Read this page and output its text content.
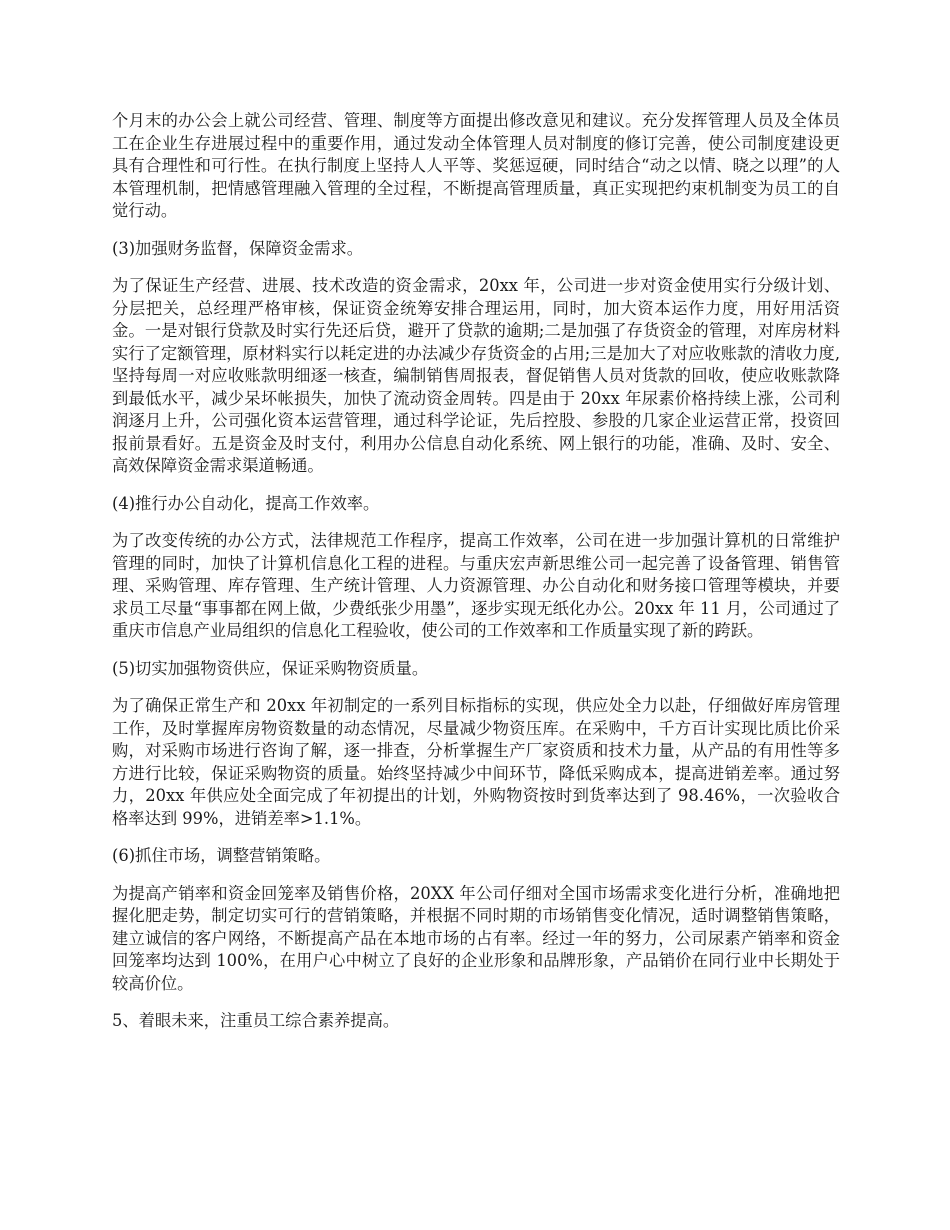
个月末的办公会上就公司经营、管理、制度等方面提出修改意见和建议。充分发挥管理人员及全体员工在企业生存进展过程中的重要作用，通过发动全体管理人员对制度的修订完善，使公司制度建设更具有合理性和可行性。在执行制度上坚持人人平等、奖惩逗硬，同时结合“动之以情、晓之以理”的人本管理机制，把情感管理融入管理的全过程，不断提高管理质量，真正实现把约束机制变为员工的自觉行动。

(3)加强财务监督，保障资金需求。

为了保证生产经营、进展、技术改造的资金需求，20xx 年，公司进一步对资金使用实行分级计划、分层把关，总经理严格审核，保证资金统筹安排合理运用，同时，加大资本运作力度，用好用活资金。一是对银行贷款及时实行先还后贷，避开了贷款的逾期;二是加强了存货资金的管理，对库房材料实行了定额管理，原材料实行以耗定进的办法减少存货资金的占用;三是加大了对应收账款的清收力度,坚持每周一对应收账款明细逐一核查，编制销售周报表，督促销售人员对货款的回收，使应收账款降到最低水平，减少呆坏帐损失，加快了流动资金周转。四是由于 20xx 年尿素价格持续上涨，公司利润逐月上升，公司强化资本运营管理，通过科学论证，先后控股、参股的几家企业运营正常，投资回报前景看好。五是资金及时支付，利用办公信息自动化系统、网上银行的功能，准确、及时、安全、高效保障资金需求渠道畅通。

(4)推行办公自动化，提高工作效率。

为了改变传统的办公方式，法律规范工作程序，提高工作效率，公司在进一步加强计算机的日常维护管理的同时，加快了计算机信息化工程的进程。与重庆宏声新思维公司一起完善了设备管理、销售管理、采购管理、库存管理、生产统计管理、人力资源管理、办公自动化和财务接口管理等模块，并要求员工尽量“事事都在网上做，少费纸张少用墨”，逐步实现无纸化办公。20xx 年 11 月，公司通过了重庆市信息产业局组织的信息化工程验收，使公司的工作效率和工作质量实现了新的跨跃。

(5)切实加强物资供应，保证采购物资质量。

为了确保正常生产和 20xx 年初制定的一系列目标指标的实现，供应处全力以赴，仔细做好库房管理工作，及时掌握库房物资数量的动态情况，尽量减少物资压库。在采购中，千方百计实现比质比价采购，对采购市场进行咨询了解，逐一排查，分析掌握生产厂家资质和技术力量，从产品的有用性等多方进行比较，保证采购物资的质量。始终坚持减少中间环节，降低采购成本，提高进销差率。通过努力，20xx 年供应处全面完成了年初提出的计划，外购物资按时到货率达到了 98.46%，一次验收合格率达到 99%，进销差率>1.1%。

(6)抓住市场，调整营销策略。

为提高产销率和资金回笼率及销售价格，20XX 年公司仔细对全国市场需求变化进行分析，准确地把握化肥走势，制定切实可行的营销策略，并根据不同时期的市场销售变化情况，适时调整销售策略，建立诚信的客户网络，不断提高产品在本地市场的占有率。经过一年的努力，公司尿素产销率和资金回笼率均达到 100%，在用户心中树立了良好的企业形象和品牌形象，产品销价在同行业中长期处于较高价位。

5、着眼未来，注重员工综合素养提高。
